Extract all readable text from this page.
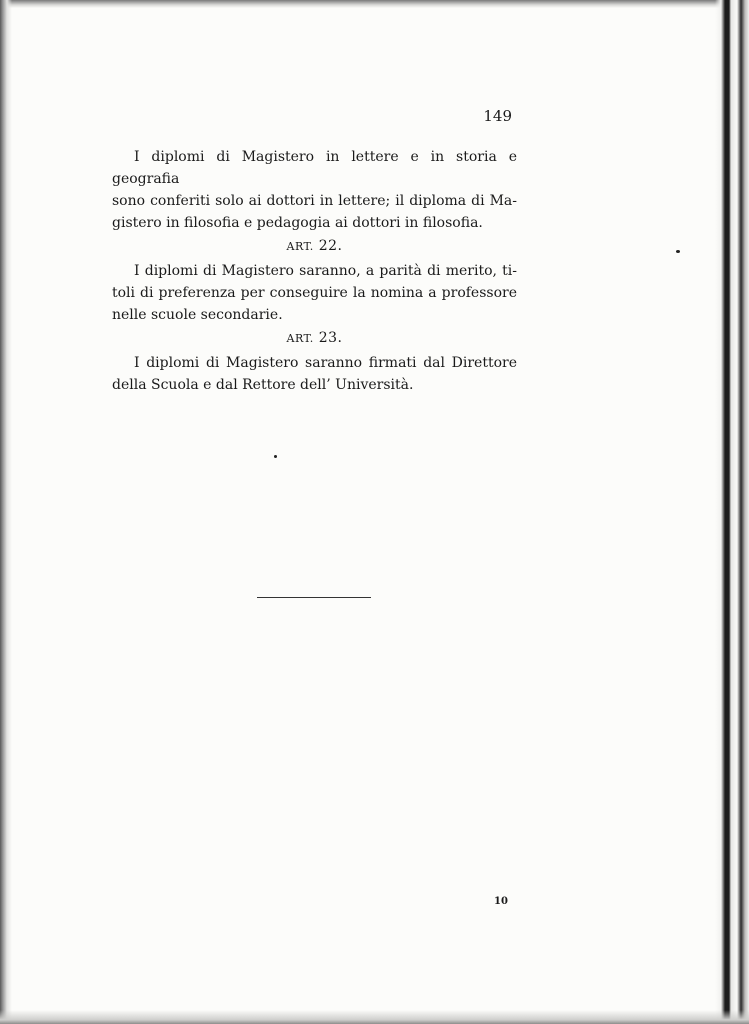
149

I diplomi di Magistero in lettere e in storia e geografia
sono conferiti solo ai dottori in lettere; il diploma di Ma-
gistero in filosofia e pedagogia ai dottori in filosofia.

ART. 22.

I diplomi di Magistero saranno, a parità di merito, ti-
toli di preferenza per conseguire la nomina a professore
nelle scuole secondarie.

ART. 23.

I diplomi di Magistero saranno firmati dal Direttore
della Scuola e dal Rettore dell’ Università.

10
